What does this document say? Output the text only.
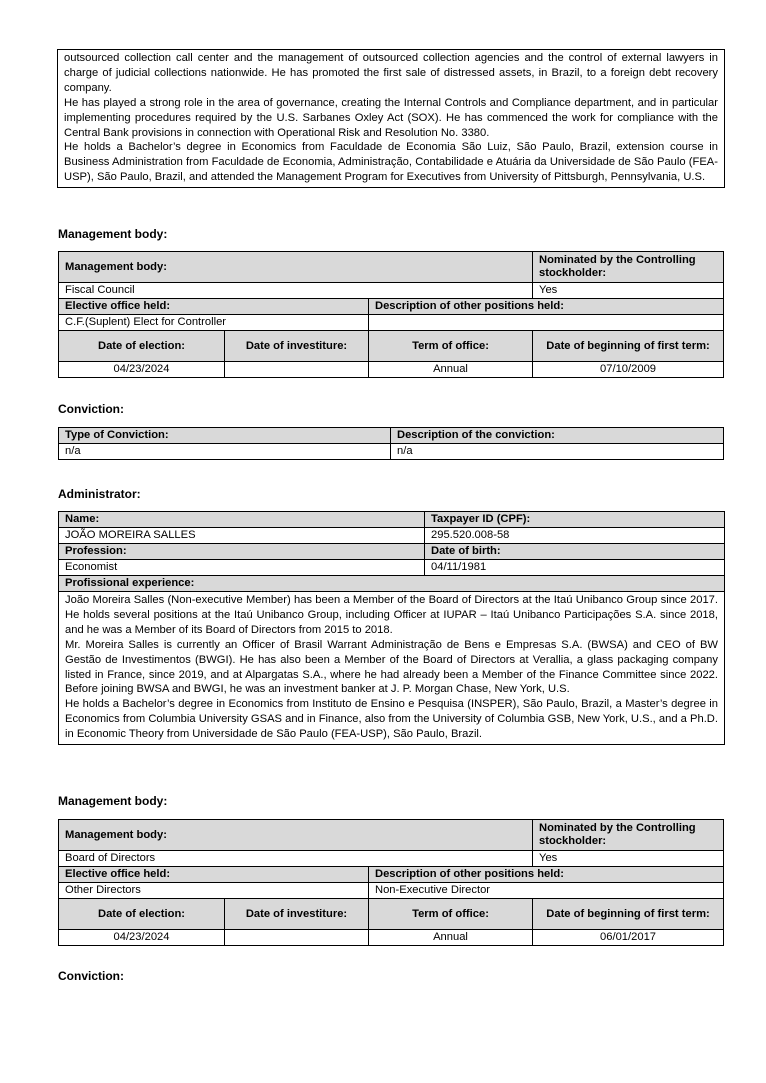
outsourced collection call center and the management of outsourced collection agencies and the control of external lawyers in charge of judicial collections nationwide. He has promoted the first sale of distressed assets, in Brazil, to a foreign debt recovery company.

He has played a strong role in the area of governance, creating the Internal Controls and Compliance department, and in particular implementing procedures required by the U.S. Sarbanes Oxley Act (SOX). He has commenced the work for compliance with the Central Bank provisions in connection with Operational Risk and Resolution No. 3380.

He holds a Bachelor’s degree in Economics from Faculdade de Economia São Luiz, São Paulo, Brazil, extension course in Business Administration from Faculdade de Economia, Administração, Contabilidade e Atuária da Universidade de São Paulo (FEA-USP), São Paulo, Brazil, and attended the Management Program for Executives from University of Pittsburgh, Pennsylvania, U.S.

Management body:
Management body:			Nominated by the Controlling stockholder:
Fiscal Council			Yes
Elective office held:		Description of other positions held:	
C.F.(Suplent) Elect for Controller			
Date of election:	Date of investiture:	Term of office:	Date of beginning of first term:
04/23/2024		Annual	07/10/2009
Conviction:
Type of Conviction:	Description of the conviction:
n/a	n/a
Administrator:
Name:	Taxpayer ID (CPF):
JOÃO MOREIRA SALLES	295.520.008-58
Profession:	Date of birth:
Economist	04/11/1981
Profissional experience:	

João Moreira Salles (Non-executive Member) has been a Member of the Board of Directors at the Itaú Unibanco Group since 2017. He holds several positions at the Itaú Unibanco Group, including Officer at IUPAR – Itaú Unibanco Participações S.A. since 2018, and he was a Member of its Board of Directors from 2015 to 2018.

Mr. Moreira Salles is currently an Officer of Brasil Warrant Administração de Bens e Empresas S.A. (BWSA) and CEO of BW Gestão de Investimentos (BWGI). He has also been a Member of the Board of Directors at Verallia, a glass packaging company listed in France, since 2019, and at Alpargatas S.A., where he had already been a Member of the Finance Committee since 2022. Before joining BWSA and BWGI, he was an investment banker at J. P. Morgan Chase, New York, U.S.

He holds a Bachelor’s degree in Economics from Instituto de Ensino e Pesquisa (INSPER), São Paulo, Brazil, a Master’s degree in Economics from Columbia University GSAS and in Finance, also from the University of Columbia GSB, New York, U.S., and a Ph.D. in Economic Theory from Universidade de São Paulo (FEA-USP), São Paulo, Brazil.	

Management body:
Management body:			Nominated by the Controlling stockholder:
Board of Directors			Yes
Elective office held:		Description of other positions held:	
Other Directors		Non-Executive Director	
Date of election:	Date of investiture:	Term of office:	Date of beginning of first term:
04/23/2024		Annual	06/01/2017
Conviction:
